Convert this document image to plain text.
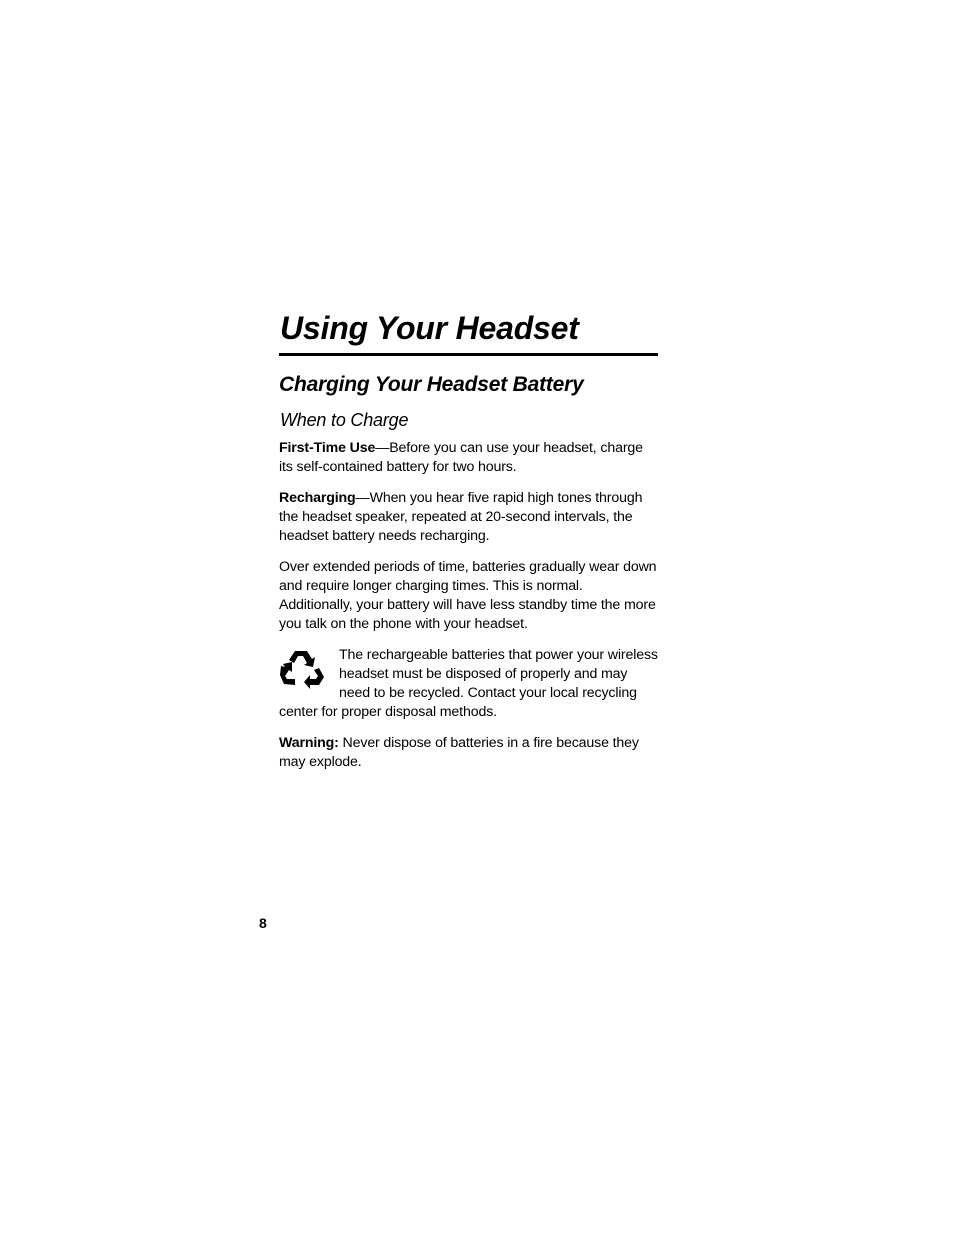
Using Your Headset
Charging Your Headset Battery
When to Charge

First-Time Use—Before you can use your headset, charge its self-contained battery for two hours.

Recharging—When you hear five rapid high tones through the headset speaker, repeated at 20-second intervals, the headset battery needs recharging.

Over extended periods of time, batteries gradually wear down and require longer charging times. This is normal. Additionally, your battery will have less standby time the more you talk on the phone with your headset.

The rechargeable batteries that power your wireless headset must be disposed of properly and may need to be recycled. Contact your local recycling center for proper disposal methods.

Warning: Never dispose of batteries in a fire because they may explode.

8
